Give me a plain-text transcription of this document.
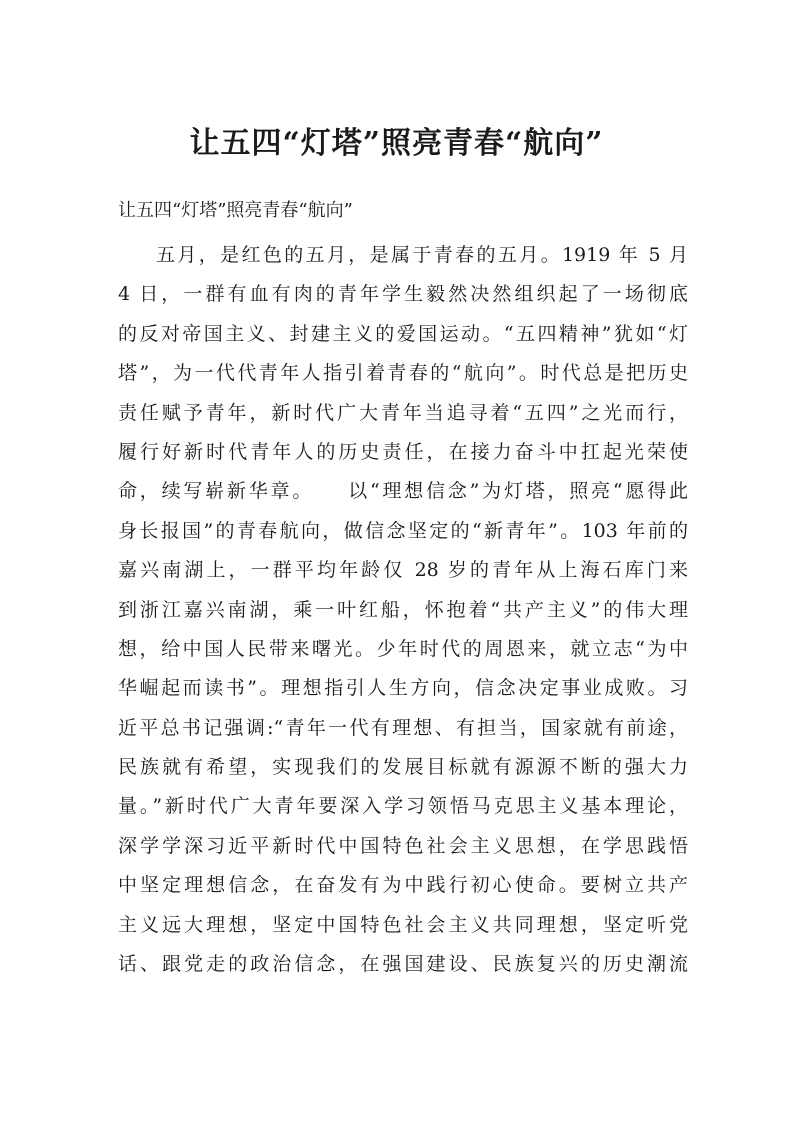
让五四“灯塔”照亮青春“航向”

让五四“灯塔”照亮青春“航向”

五月，是红色的五月，是属于青春的五月。1919 年 5 月
4 日，一群有血有肉的青年学生毅然决然组织起了一场彻底
的反对帝国主义、封建主义的爱国运动。“五四精神”犹如“灯
塔”，为一代代青年人指引着青春的“航向”。时代总是把历史
责任赋予青年，新时代广大青年当追寻着“五四”之光而行，
履行好新时代青年人的历史责任，在接力奋斗中扛起光荣使
命，续写崭新华章。　　以“理想信念”为灯塔，照亮“愿得此
身长报国”的青春航向，做信念坚定的“新青年”。103 年前的
嘉兴南湖上，一群平均年龄仅 28 岁的青年从上海石库门来
到浙江嘉兴南湖，乘一叶红船，怀抱着“共产主义”的伟大理
想，给中国人民带来曙光。少年时代的周恩来，就立志“为中
华崛起而读书”。理想指引人生方向，信念决定事业成败。习
近平总书记强调:“青年一代有理想、有担当，国家就有前途，
民族就有希望，实现我们的发展目标就有源源不断的强大力
量。”新时代广大青年要深入学习领悟马克思主义基本理论，
深学学深习近平新时代中国特色社会主义思想，在学思践悟
中坚定理想信念，在奋发有为中践行初心使命。要树立共产
主义远大理想，坚定中国特色社会主义共同理想，坚定听党
话、跟党走的政治信念，在强国建设、民族复兴的历史潮流
